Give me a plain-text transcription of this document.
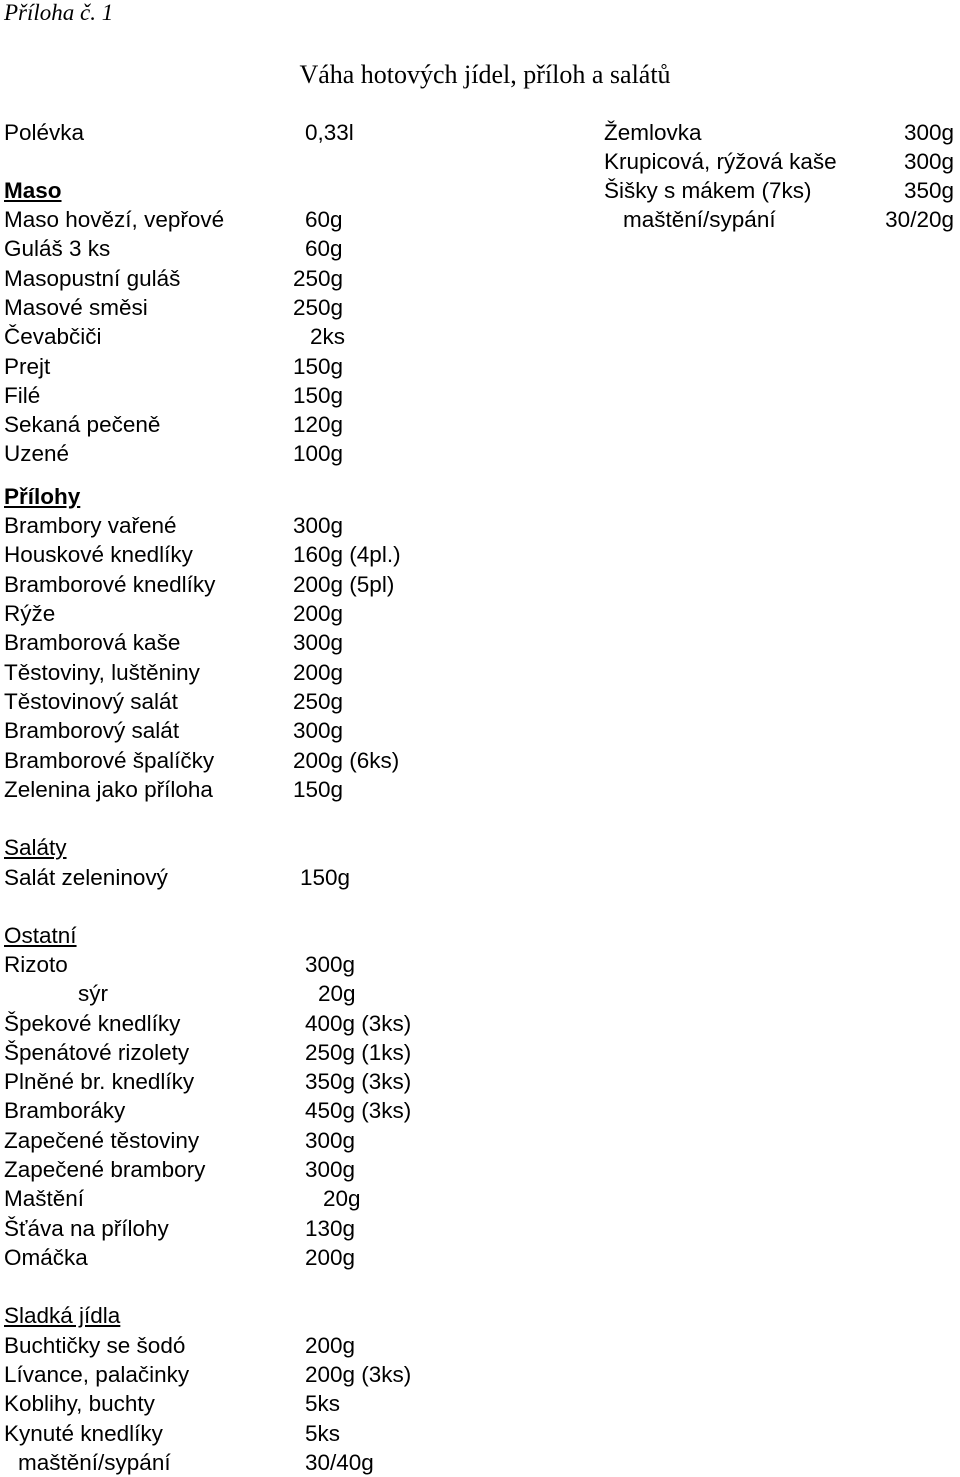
Příloha č. 1
Váha hotových jídel, příloh a salátů
Polévka	0,33l	Žemlovka	300g
Krupicová, rýžová kaše	300g
Šišky s mákem (7ks)	350g
maštění/sypání	30/20g
Maso
Maso hovězí, vepřové	60g
Guláš 3 ks	60g
Masopustní guláš	250g
Masové směsi	250g
Čevabčiči	2ks
Prejt	150g
Filé	150g
Sekaná pečeně	120g
Uzené	100g
Přílohy
Brambory vařené	300g
Houskové knedlíky	160g (4pl.)
Bramborové knedlíky	200g (5pl)
Rýže	200g
Bramborová kaše	300g
Těstoviny, luštěniny	200g
Těstovinový salát	250g
Bramborový salát	300g
Bramborové špalíčky	200g (6ks)
Zelenina jako příloha	150g
Saláty
Salát zeleninový	150g
Ostatní
Rizoto	300g
sýr	20g
Špekové knedlíky	400g (3ks)
Špenátové rizolety	250g (1ks)
Plněné br. knedlíky	350g (3ks)
Bramboráky	450g (3ks)
Zapečené těstoviny	300g
Zapečené brambory	300g
Maštění	20g
Šťáva na přílohy	130g
Omáčka	200g
Sladká jídla
Buchtičky se šodó	200g
Lívance, palačinky	200g (3ks)
Koblihy, buchty	5ks
Kynuté knedlíky	5ks
maštění/sypání	30/40g
